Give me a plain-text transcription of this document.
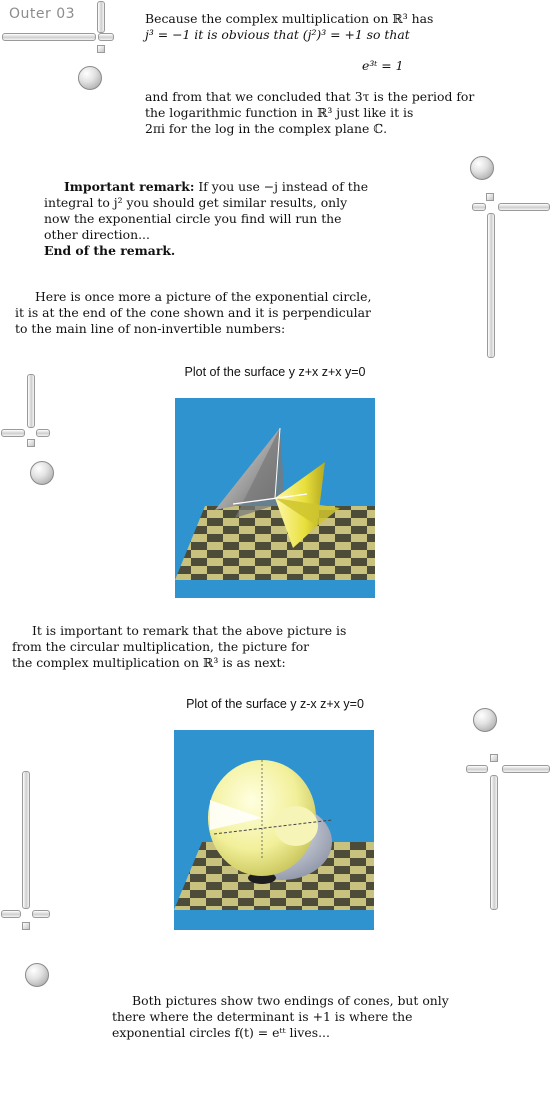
Outer 03	Because the complex multiplication on ℝ³ has

j³ = −1 it is obvious that (j²)³ = +1 so that

e³ᵗ = 1

and from that we concluded that 3τ is the period for

the logarithmic function in ℝ³ just like it is

2πi for the log in the complex plane ℂ.

Important remark: If you use −j instead of the

integral to j² you should get similar results, only

now the exponential circle you find will run the

other direction...

End of the remark.

Here is once more a picture of the exponential circle,

it is at the end of the cone shown and it is perpendicular

to the main line of non-invertible numbers:

Plot of the surface y z+x z+x y=0

It is important to remark that the above picture is

from the circular multiplication, the picture for

the complex multiplication on ℝ³ is as next:

Plot of the surface y z-x z+x y=0

Both pictures show two endings of cones, but only

there where the determinant is +1 is where the

exponential circles f(t) = eᵗᵗ lives...
